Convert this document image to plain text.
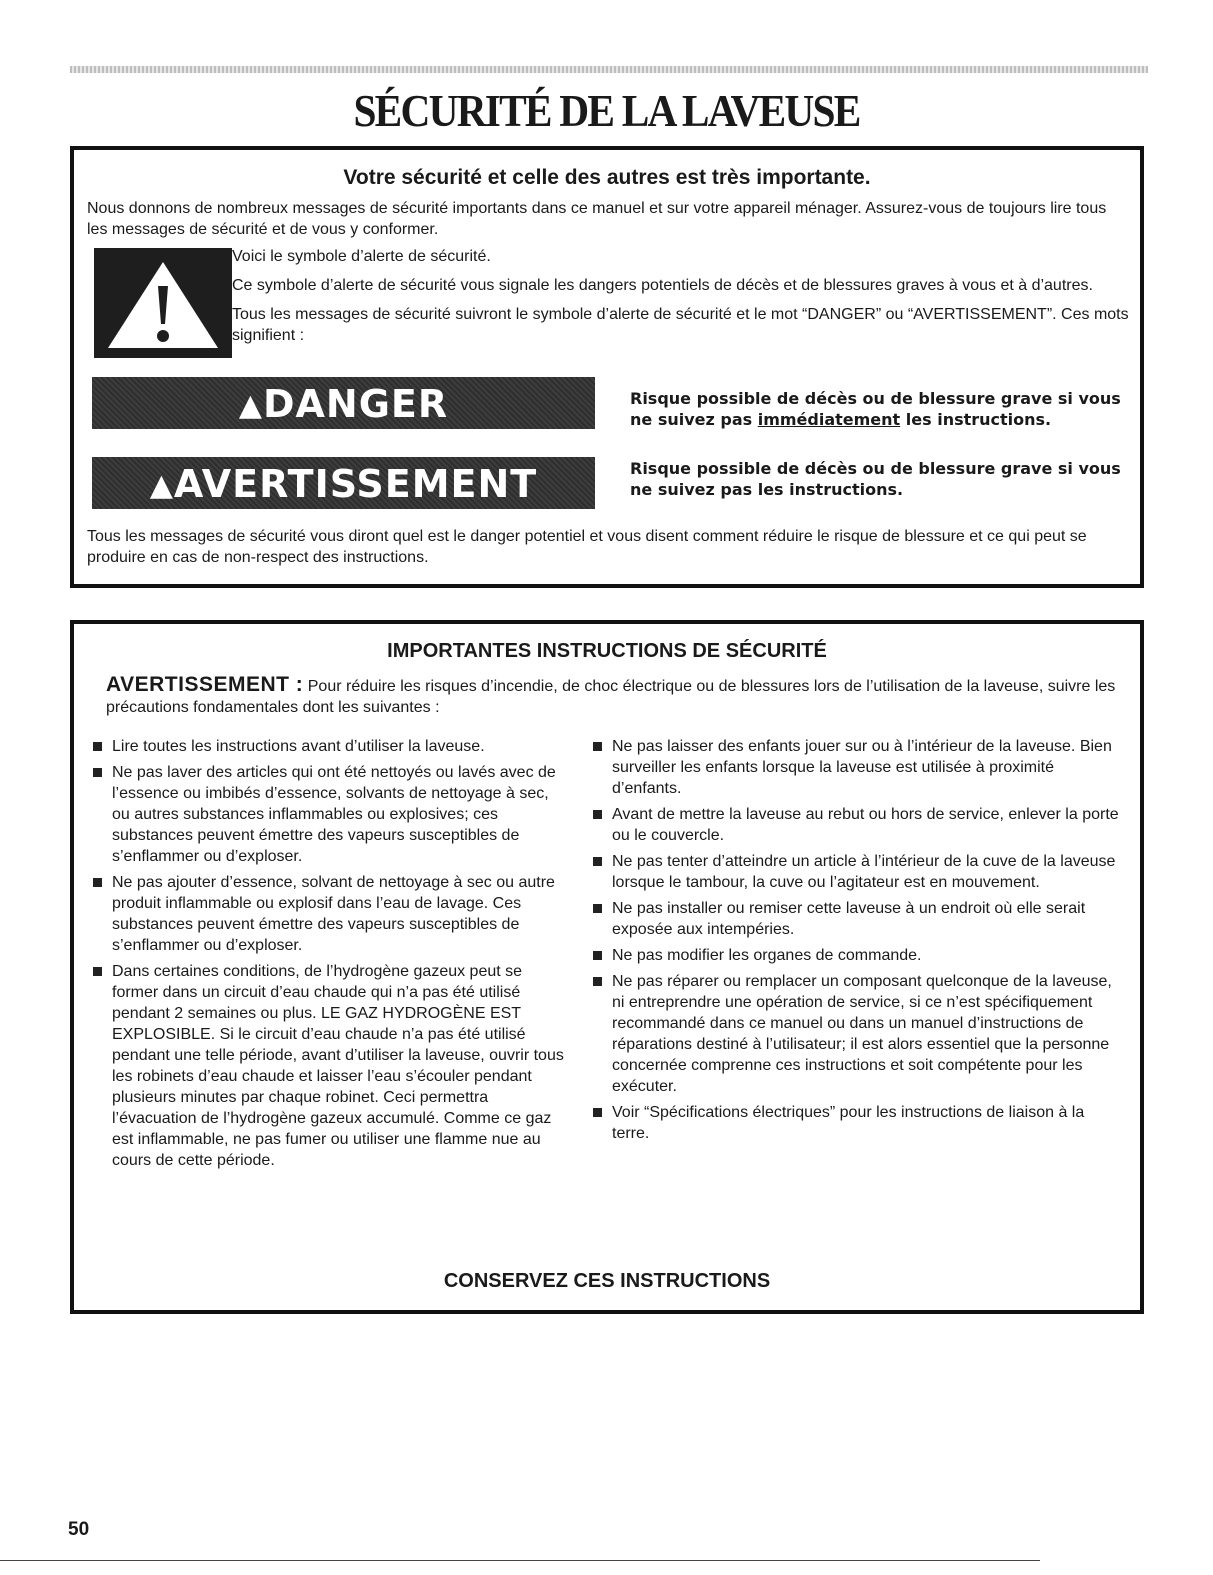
SÉCURITÉ DE LA LAVEUSE
Votre sécurité et celle des autres est très importante.

Nous donnons de nombreux messages de sécurité importants dans ce manuel et sur votre appareil ménager. Assurez-vous de toujours lire tous les messages de sécurité et de vous y conformer.

Voici le symbole d’alerte de sécurité.

Ce symbole d’alerte de sécurité vous signale les dangers potentiels de décès et de blessures graves à vous et à d’autres.

Tous les messages de sécurité suivront le symbole d’alerte de sécurité et le mot “DANGER” ou “AVERTISSEMENT”. Ces mots signifient :

▲DANGER	Risque possible de décès ou de blessure grave si vous ne suivez pas immédiatement les instructions.

▲AVERTISSEMENT	Risque possible de décès ou de blessure grave si vous ne suivez pas les instructions.

Tous les messages de sécurité vous diront quel est le danger potentiel et vous disent comment réduire le risque de blessure et ce qui peut se produire en cas de non-respect des instructions.

IMPORTANTES INSTRUCTIONS DE SÉCURITÉ

AVERTISSEMENT : Pour réduire les risques d’incendie, de choc électrique ou de blessures lors de l’utilisation de la laveuse, suivre les précautions fondamentales dont les suivantes :

Lire toutes les instructions avant d’utiliser la laveuse.
Ne pas laver des articles qui ont été nettoyés ou lavés avec de l’essence ou imbibés d’essence, solvants de nettoyage à sec, ou autres substances inflammables ou explosives; ces substances peuvent émettre des vapeurs susceptibles de s’enflammer ou d’exploser.
Ne pas ajouter d’essence, solvant de nettoyage à sec ou autre produit inflammable ou explosif dans l’eau de lavage. Ces substances peuvent émettre des vapeurs susceptibles de s’enflammer ou d’exploser.
Dans certaines conditions, de l’hydrogène gazeux peut se former dans un circuit d’eau chaude qui n’a pas été utilisé pendant 2 semaines ou plus. LE GAZ HYDROGÈNE EST EXPLOSIBLE. Si le circuit d’eau chaude n’a pas été utilisé pendant une telle période, avant d’utiliser la laveuse, ouvrir tous les robinets d’eau chaude et laisser l’eau s’écouler pendant plusieurs minutes par chaque robinet. Ceci permettra l’évacuation de l’hydrogène gazeux accumulé. Comme ce gaz est inflammable, ne pas fumer ou utiliser une flamme nue au cours de cette période.
Ne pas laisser des enfants jouer sur ou à l’intérieur de la laveuse. Bien surveiller les enfants lorsque la laveuse est utilisée à proximité d’enfants.
Avant de mettre la laveuse au rebut ou hors de service, enlever la porte ou le couvercle.
Ne pas tenter d’atteindre un article à l’intérieur de la cuve de la laveuse lorsque le tambour, la cuve ou l’agitateur est en mouvement.
Ne pas installer ou remiser cette laveuse à un endroit où elle serait exposée aux intempéries.
Ne pas modifier les organes de commande.
Ne pas réparer ou remplacer un composant quelconque de la laveuse, ni entreprendre une opération de service, si ce n’est spécifiquement recommandé dans ce manuel ou dans un manuel d’instructions de réparations destiné à l’utilisateur; il est alors essentiel que la personne concernée comprenne ces instructions et soit compétente pour les exécuter.
Voir “Spécifications électriques” pour les instructions de liaison à la terre.

CONSERVEZ CES INSTRUCTIONS

50
